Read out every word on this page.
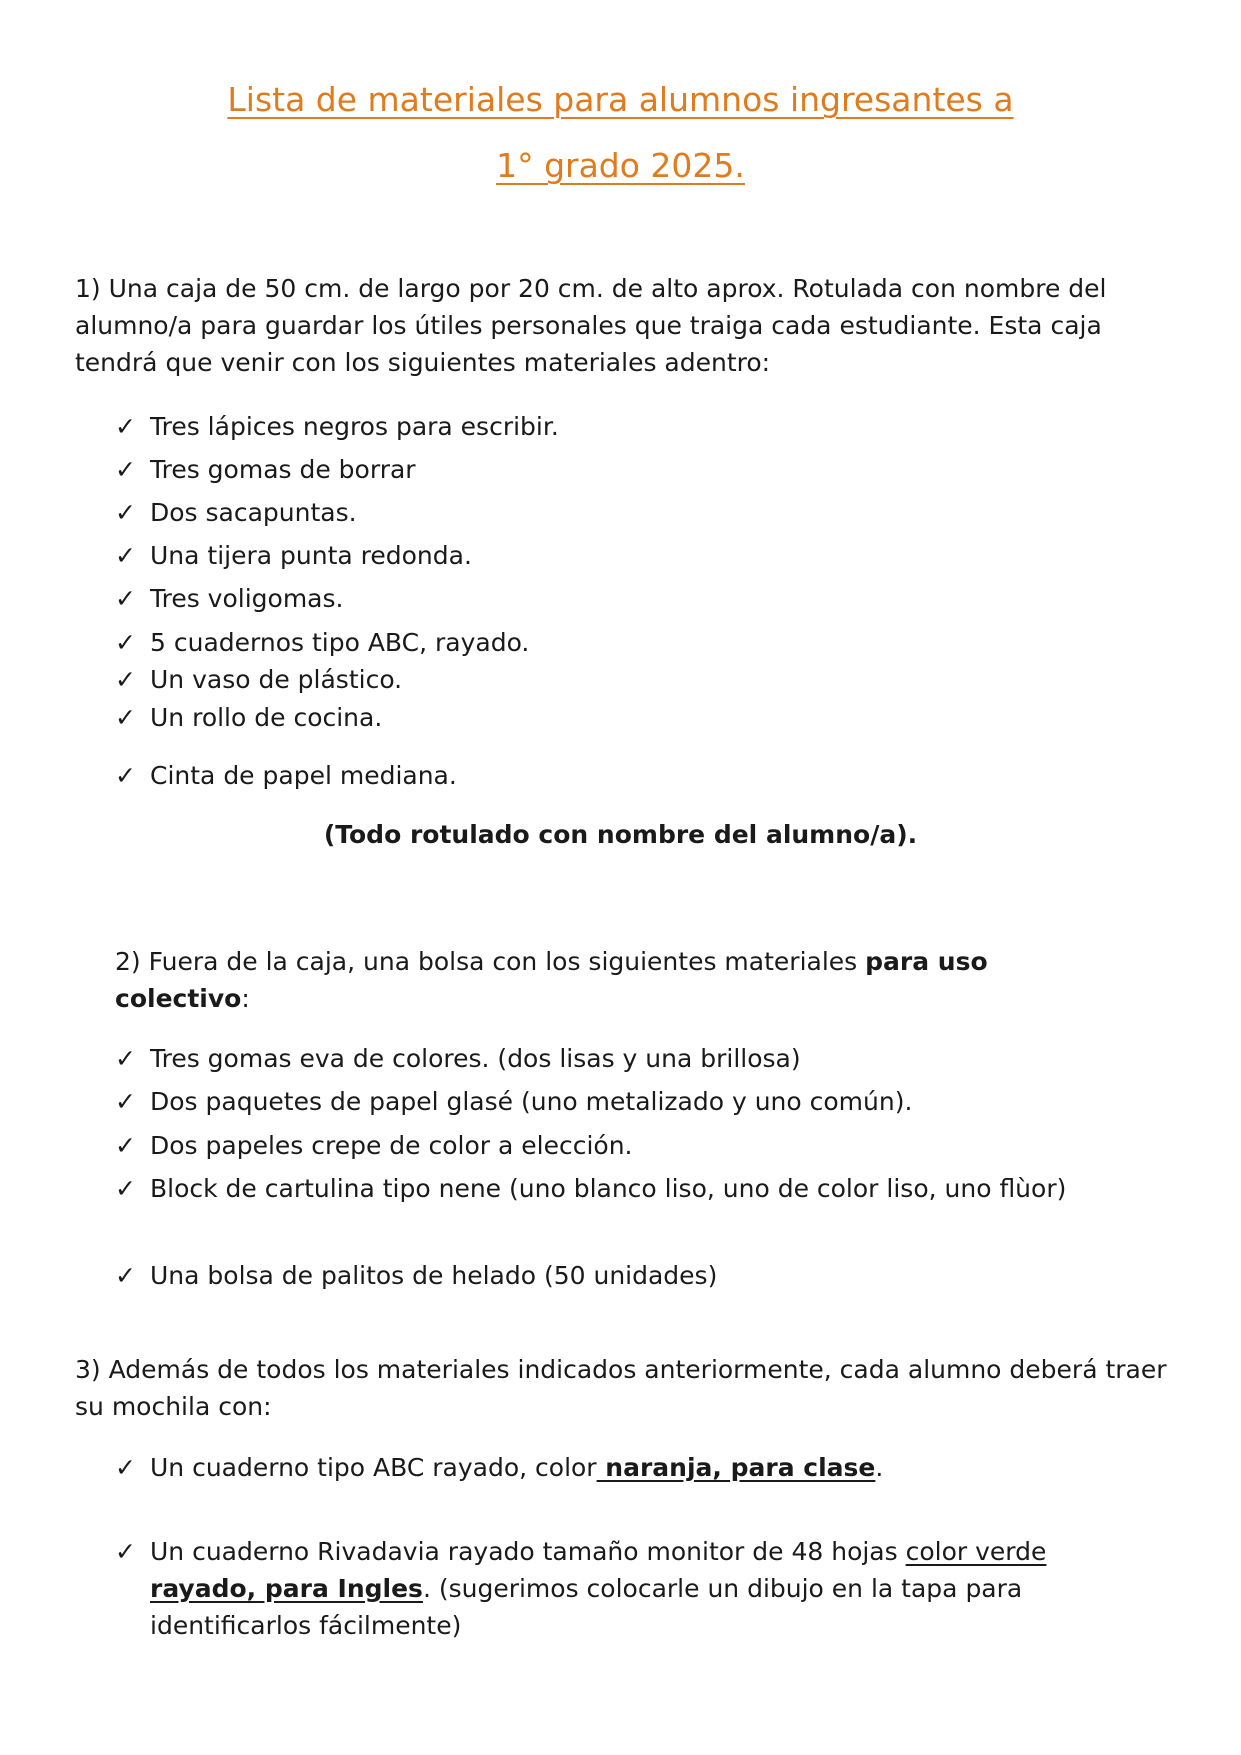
Lista de materiales para alumnos ingresantes a
1° grado 2025.

1) Una caja de 50 cm. de largo por 20 cm. de alto aprox. Rotulada con nombre del alumno/a para guardar los útiles personales que traiga cada estudiante. Esta caja tendrá que venir con los siguientes materiales adentro:

✓ Tres lápices negros para escribir.
✓ Tres gomas de borrar
✓ Dos sacapuntas.
✓ Una tijera punta redonda.
✓ Tres voligomas.
✓ 5 cuadernos tipo ABC, rayado.
✓ Un vaso de plástico.
✓ Un rollo de cocina.
✓ Cinta de papel mediana.
(Todo rotulado con nombre del alumno/a).

2) Fuera de la caja, una bolsa con los siguientes materiales para uso colectivo:

✓ Tres gomas eva de colores. (dos lisas y una brillosa)
✓ Dos paquetes de papel glasé (uno metalizado y uno común).
✓ Dos papeles crepe de color a elección.
✓ Block de cartulina tipo nene (uno blanco liso, uno de color liso, uno flùor)
✓ Una bolsa de palitos de helado (50 unidades)

3) Además de todos los materiales indicados anteriormente, cada alumno deberá traer su mochila con:

✓ Un cuaderno tipo ABC rayado, color naranja, para clase.
✓ Un cuaderno Rivadavia rayado tamaño monitor de 48 hojas color verde rayado, para Ingles. (sugerimos colocarle un dibujo en la tapa para identificarlos fácilmente)
